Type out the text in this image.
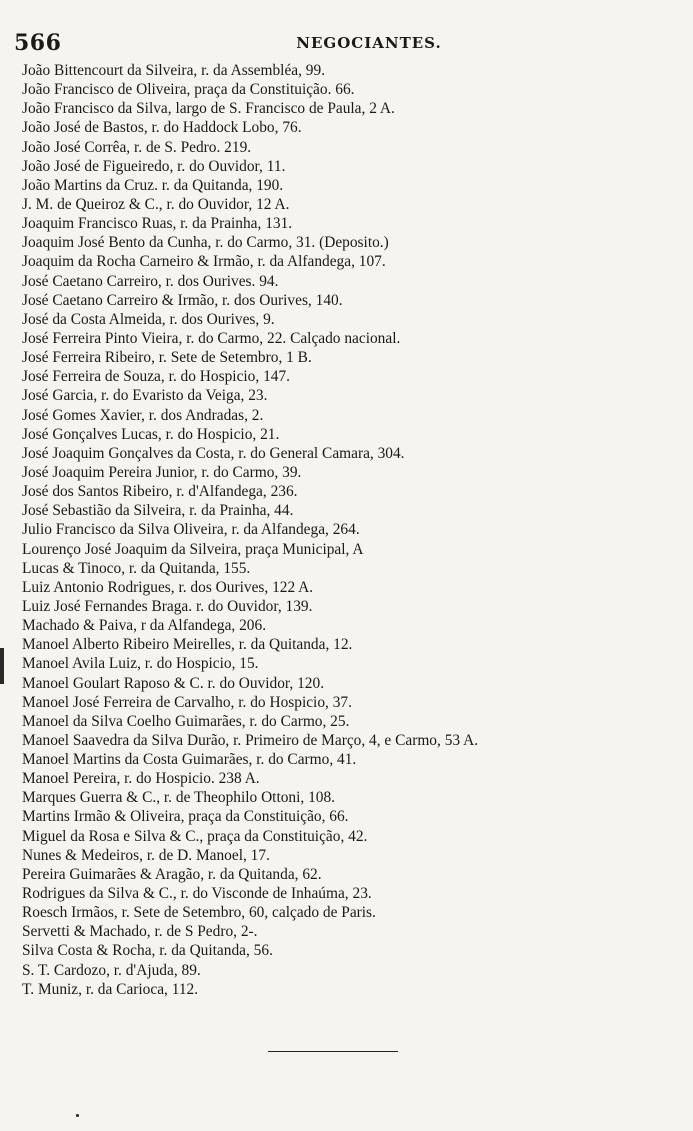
566	NEGOCIANTES.
João Bittencourt da Silveira, r. da Assembléa, 99.
João Francisco de Oliveira, praça da Constituição. 66.
João Francisco da Silva, largo de S. Francisco de Paula, 2 A.
João José de Bastos, r. do Haddock Lobo, 76.
João José Corrêa, r. de S. Pedro. 219.
João José de Figueiredo, r. do Ouvidor, 11.
João Martins da Cruz. r. da Quitanda, 190.
J. M. de Queiroz & C., r. do Ouvidor, 12 A.
Joaquim Francisco Ruas, r. da Prainha, 131.
Joaquim José Bento da Cunha, r. do Carmo, 31. (Deposito.)
Joaquim da Rocha Carneiro & Irmão, r. da Alfandega, 107.
José Caetano Carreiro, r. dos Ourives. 94.
José Caetano Carreiro & Irmão, r. dos Ourives, 140.
José da Costa Almeida, r. dos Ourives, 9.
José Ferreira Pinto Vieira, r. do Carmo, 22. Calçado nacional.
José Ferreira Ribeiro, r. Sete de Setembro, 1 B.
José Ferreira de Souza, r. do Hospicio, 147.
José Garcia, r. do Evaristo da Veiga, 23.
José Gomes Xavier, r. dos Andradas, 2.
José Gonçalves Lucas, r. do Hospicio, 21.
José Joaquim Gonçalves da Costa, r. do General Camara, 304.
José Joaquim Pereira Junior, r. do Carmo, 39.
José dos Santos Ribeiro, r. d'Alfandega, 236.
José Sebastião da Silveira, r. da Prainha, 44.
Julio Francisco da Silva Oliveira, r. da Alfandega, 264.
Lourenço José Joaquim da Silveira, praça Municipal, A
Lucas & Tinoco, r. da Quitanda, 155.
Luiz Antonio Rodrigues, r. dos Ourives, 122 A.
Luiz José Fernandes Braga. r. do Ouvidor, 139.
Machado & Paiva, r da Alfandega, 206.
Manoel Alberto Ribeiro Meirelles, r. da Quitanda, 12.
Manoel Avila Luiz, r. do Hospicio, 15.
Manoel Goulart Raposo & C. r. do Ouvidor, 120.
Manoel José Ferreira de Carvalho, r. do Hospicio, 37.
Manoel da Silva Coelho Guimarães, r. do Carmo, 25.
Manoel Saavedra da Silva Durão, r. Primeiro de Março, 4, e Carmo, 53 A.
Manoel Martins da Costa Guimarães, r. do Carmo, 41.
Manoel Pereira, r. do Hospicio. 238 A.
Marques Guerra & C., r. de Theophilo Ottoni, 108.
Martins Irmão & Oliveira, praça da Constituição, 66.
Miguel da Rosa e Silva & C., praça da Constituição, 42.
Nunes & Medeiros, r. de D. Manoel, 17.
Pereira Guimarães & Aragão, r. da Quitanda, 62.
Rodrigues da Silva & C., r. do Visconde de Inhaúma, 23.
Roesch Irmãos, r. Sete de Setembro, 60, calçado de Paris.
Servetti & Machado, r. de S Pedro, 2-.
Silva Costa & Rocha, r. da Quitanda, 56.
S. T. Cardozo, r. d'Ajuda, 89.
T. Muniz, r. da Carioca, 112.
